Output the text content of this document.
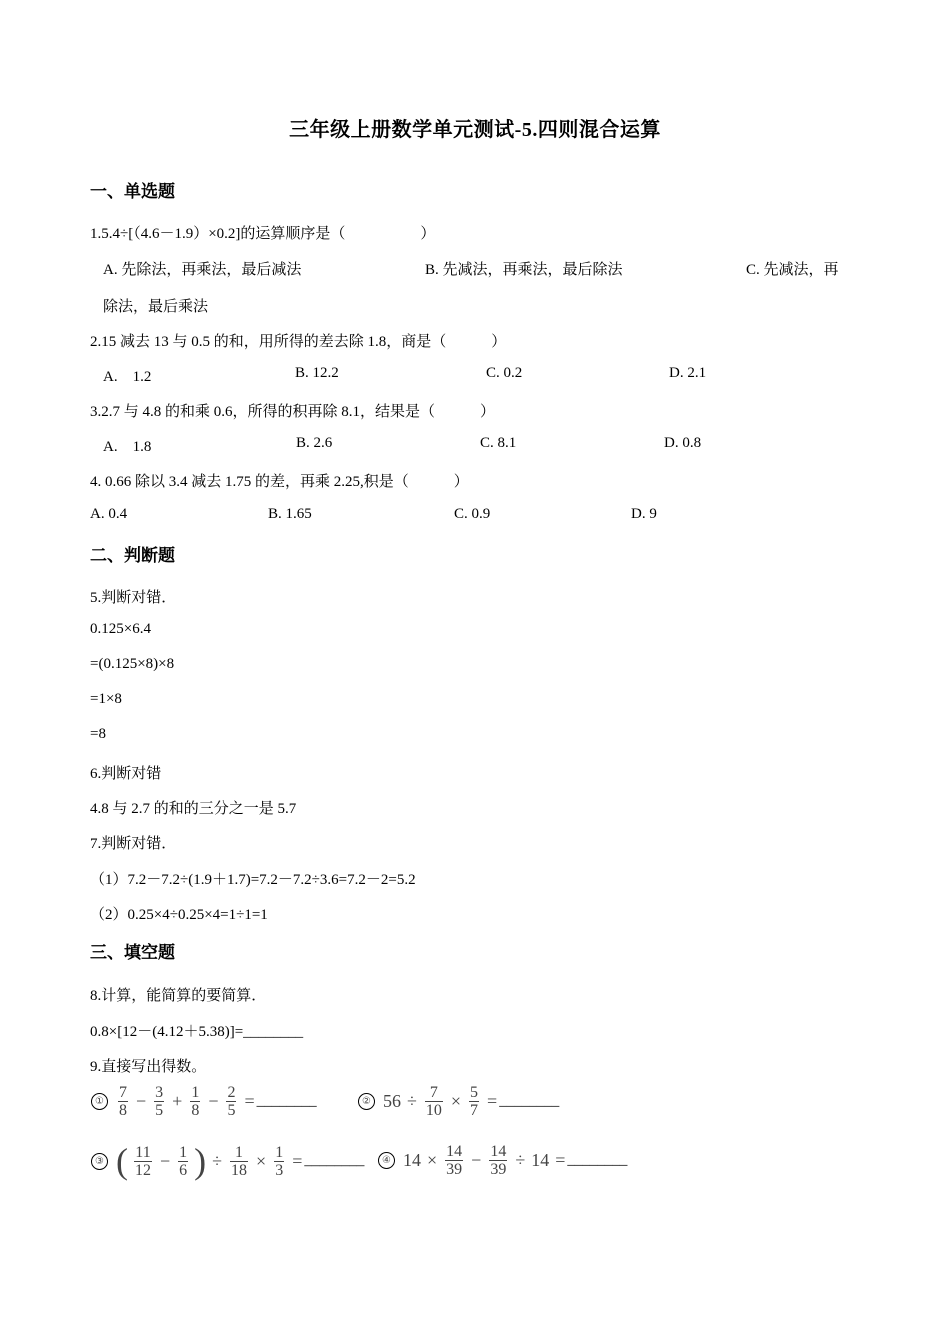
三年级上册数学单元测试-5.四则混合运算
一、单选题
1.5.4÷[（4.6－1.9）×0.2]的运算顺序是（　　　　　）
A. 先除法，再乘法，最后减法	B. 先减法，再乘法，最后除法	C. 先减法，再
除法，最后乘法
2.15 减去 13 与 0.5 的和，用所得的差去除 1.8，商是（　　　）
A.　1.2	B. 12.2	C. 0.2	D. 2.1
3.2.7 与 4.8 的和乘 0.6，所得的积再除 8.1，结果是（　　　）
A.　1.8	B. 2.6	C. 8.1	D. 0.8
4. 0.66 除以 3.4 减去 1.75 的差，再乘 2.25,积是（　　　）
A. 0.4	B. 1.65	C. 0.9	D. 9
二、判断题
5.判断对错．
0.125×6.4
=(0.125×8)×8
=1×8
=8
6.判断对错
4.8 与 2.7 的和的三分之一是 5.7
7.判断对错．
（1）7.2－7.2÷(1.9＋1.7)=7.2－7.2÷3.6=7.2－2=5.2
（2）0.25×4÷0.25×4=1÷1=1
三、填空题
8.计算，能简算的要简算．
0.8×[12－(4.12＋5.38)]=________
9.直接写出得数。
① $\frac{7}{8} - \frac{3}{5} + \frac{1}{8} - \frac{2}{5}$ = ________	② $56 \div \frac{7}{10} \times \frac{5}{7}$ = ________
③ ( $\frac{11}{12} - \frac{1}{6}$ ) ÷ $\frac{1}{18} \times \frac{1}{3}$ = ________	④ $14 \times \frac{14}{39} - \frac{14}{39} \div 14$ = ________
